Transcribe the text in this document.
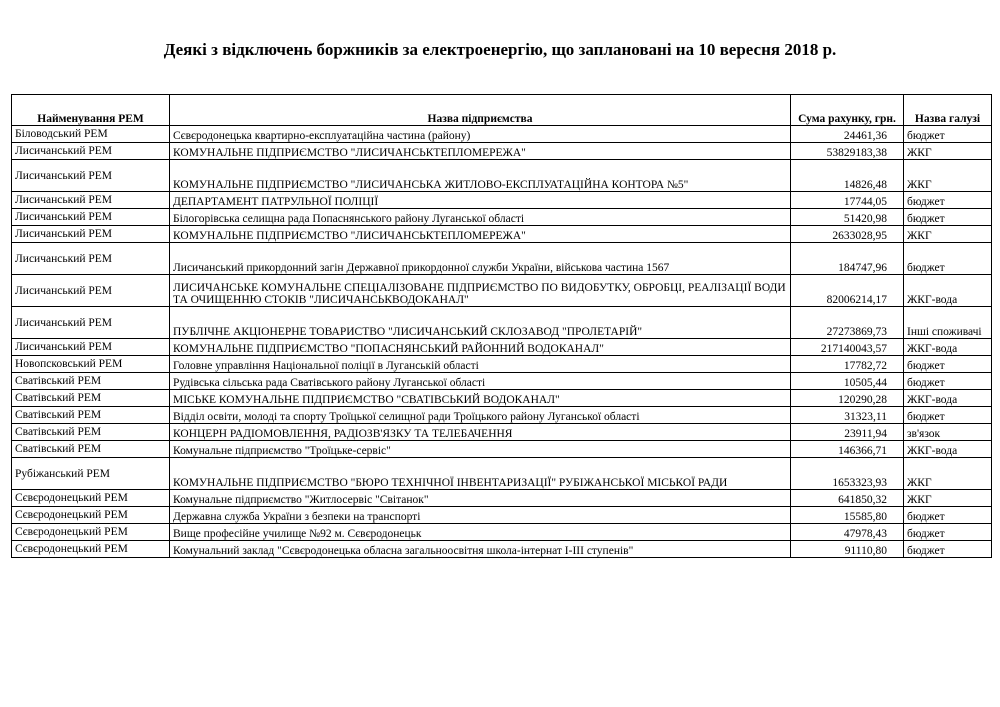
Деякі з відключень боржників за електроенергію, що заплановані на 10 вересня 2018 р.
Найменування РЕМ	Назва підприємства	Сума рахунку, грн.	Назва галузі
Біловодський РЕМ	Сєвєродонецька квартирно-експлуатаційна частина (району)	24461,36	бюджет
Лисичанський РЕМ	КОМУНАЛЬНЕ ПІДПРИЄМСТВО "ЛИСИЧАНСЬКТЕПЛОМЕРЕЖА"	53829183,38	ЖКГ
Лисичанський РЕМ	КОМУНАЛЬНЕ ПІДПРИЄМСТВО "ЛИСИЧАНСЬКА ЖИТЛОВО-ЕКСПЛУАТАЦІЙНА КОНТОРА №5"	14826,48	ЖКГ
Лисичанський РЕМ	ДЕПАРТАМЕНТ ПАТРУЛЬНОЇ ПОЛІЦІЇ	17744,05	бюджет
Лисичанський РЕМ	Білогорівська селищна рада Попаснянського району Луганської області	51420,98	бюджет
Лисичанський РЕМ	КОМУНАЛЬНЕ ПІДПРИЄМСТВО "ЛИСИЧАНСЬКТЕПЛОМЕРЕЖА"	2633028,95	ЖКГ
Лисичанський РЕМ	Лисичанський прикордонний загін Державної прикордонної служби України, військова частина 1567	184747,96	бюджет
Лисичанський РЕМ	ЛИСИЧАНСЬКЕ КОМУНАЛЬНЕ СПЕЦІАЛІЗОВАНЕ ПІДПРИЄМСТВО ПО ВИДОБУТКУ, ОБРОБЦІ, РЕАЛІЗАЦІЇ ВОДИ ТА ОЧИЩЕННЮ СТОКІВ "ЛИСИЧАНСЬКВОДОКАНАЛ"	82006214,17	ЖКГ-вода
Лисичанський РЕМ	ПУБЛІЧНЕ АКЦІОНЕРНЕ ТОВАРИСТВО "ЛИСИЧАНСЬКИЙ СКЛОЗАВОД "ПРОЛЕТАРІЙ"	27273869,73	Інші споживачі
Лисичанський РЕМ	КОМУНАЛЬНЕ ПІДПРИЄМСТВО "ПОПАСНЯНСЬКИЙ РАЙОННИЙ ВОДОКАНАЛ"	217140043,57	ЖКГ-вода
Новопсковський РЕМ	Головне управління Національної поліції в Луганській області	17782,72	бюджет
Сватівський РЕМ	Рудівська сільська рада Сватівського району Луганської області	10505,44	бюджет
Сватівський РЕМ	МІСЬКЕ КОМУНАЛЬНЕ ПІДПРИЄМСТВО "СВАТІВСЬКИЙ ВОДОКАНАЛ"	120290,28	ЖКГ-вода
Сватівський РЕМ	Відділ освіти, молоді та спорту Троїцької селищної ради Троїцького району Луганської області	31323,11	бюджет
Сватівський РЕМ	КОНЦЕРН РАДІОМОВЛЕННЯ, РАДІОЗВ'ЯЗКУ ТА ТЕЛЕБАЧЕННЯ	23911,94	зв'язок
Сватівський РЕМ	Комунальне підприємство "Троїцьке-сервіс"	146366,71	ЖКГ-вода
Рубіжанський РЕМ	КОМУНАЛЬНЕ ПІДПРИЄМСТВО "БЮРО ТЕХНІЧНОЇ ІНВЕНТАРИЗАЦІЇ" РУБІЖАНСЬКОЇ МІСЬКОЇ РАДИ	1653323,93	ЖКГ
Сєвєродонецький РЕМ	Комунальне підприємство "Житлосервіс "Світанок"	641850,32	ЖКГ
Сєвєродонецький РЕМ	Державна служба України з безпеки на транспорті	15585,80	бюджет
Сєвєродонецький РЕМ	Вище професійне училище №92 м. Сєвєродонецьк	47978,43	бюджет
Сєвєродонецький РЕМ	Комунальний заклад "Сєвєродонецька обласна загальноосвітня школа-інтернат І-ІІІ ступенів"	91110,80	бюджет
